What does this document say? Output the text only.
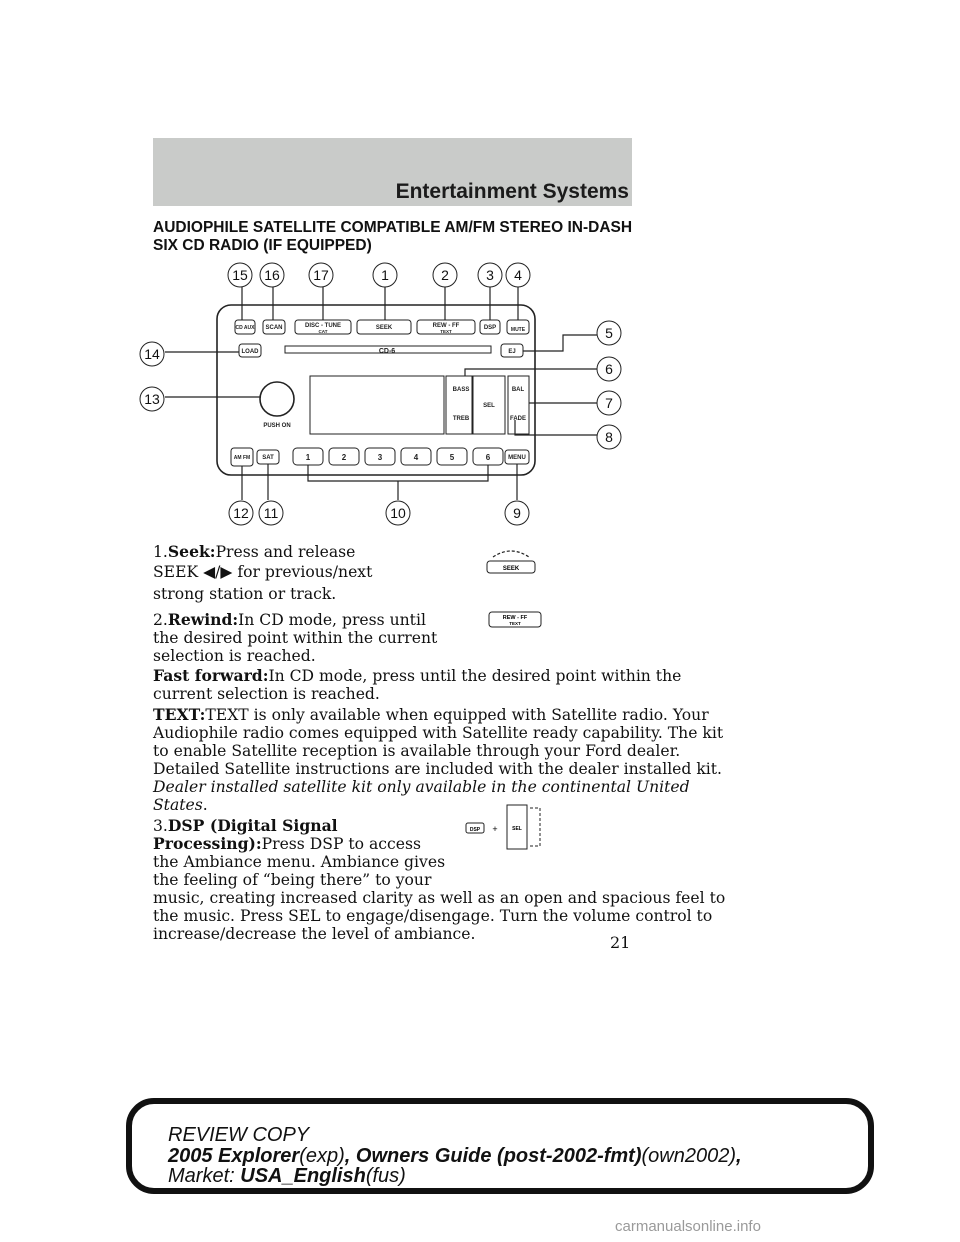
Entertainment Systems

AUDIOPHILE SATELLITE COMPATIBLE AM/FM STEREO IN-DASH SIX CD RADIO (IF EQUIPPED)

CD AUX SCAN	DISC - TUNE
CAT
SEEK	REW - FF
TEXT
DSP	MUTE
LOAD	CD-6	EJ
PUSH ON
BASS
TREB
SEL
BAL
FADE
AM FM SAT	MENU
1	2	3	4	5	6
15 16 17	1	2	3 4
5
6
7
8
9
10
11
12
13
14

1.Seek:Press and release

SEEK ◀/▶ for previous/next

strong station or track.

2.Rewind:In CD mode, press until

the desired point within the current

selection is reached.

Fast forward:In CD mode, press until the desired point within the

current selection is reached.

TEXT:TEXT is only available when equipped with Satellite radio. Your

Audiophile radio comes equipped with Satellite ready capability. The kit

to enable Satellite reception is available through your Ford dealer.

Detailed Satellite instructions are included with the dealer installed kit.

Dealer installed satellite kit only available in the continental United

States.

3.DSP (Digital Signal

Processing):Press DSP to access

the Ambiance menu. Ambiance gives

the feeling of “being there” to your

music, creating increased clarity as well as an open and spacious feel to

the music. Press SEL to engage/disengage. Turn the volume control to

increase/decrease the level of ambiance.

SEEK
REW - FF
TEXT
DSP +	SEL
21
REVIEW COPY
2005 Explorer(exp), Owners Guide (post-2002-fmt)(own2002),
Market: USA_English(fus)
carmanualsonline.info
